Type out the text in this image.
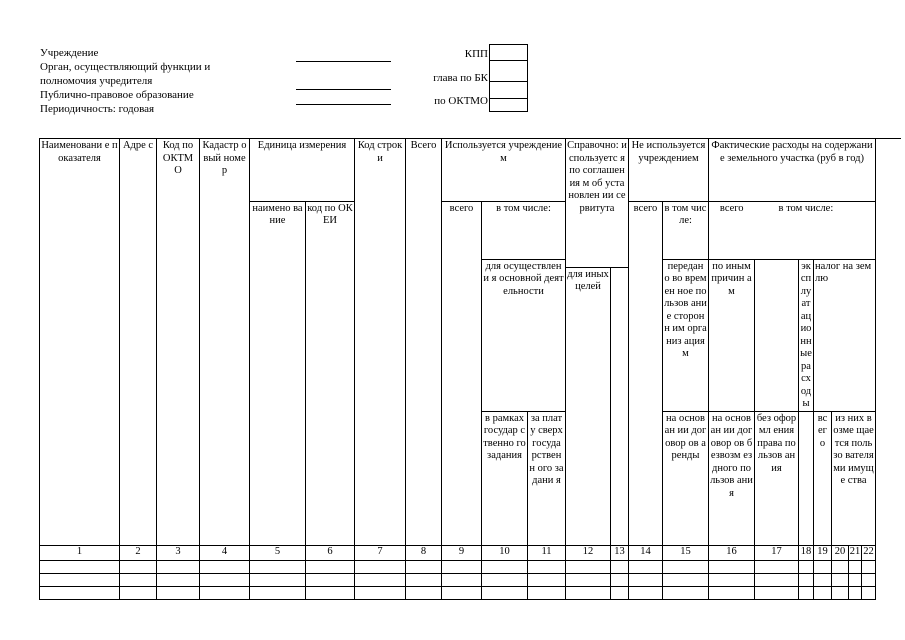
Учреждение
Орган, осуществляющий функции и
полномочия учредителя
Публично-правовое образование
Периодичность: годовая
КПП
глава по БК
по ОКТМО
Наименовани е показателя	Адре с	Код по ОКТМ О	Кадастр овый номер	Единица измерения		Код строки	Всего	Используется учреждением			Справочно: используетс я по соглашения м об установлен ии сервитута		Не используется учреждением		Фактические расходы на содержание земельного участка (руб в год)						
				наимено вание	код по ОКЕИ			всего	в том числе:				всего	в том числе:	всего	в том числе:					
									для осуществлени я основной деятельности					передан о во времен ное пользов ание сторонн им организ ациям	по иным причин ам		эксп луат ацио нные расх оды	налог на землю			
											для иных целей										
									в рамках государ ственно го задания	за плату сверх госуда рственн ого задани я				на основан ии договор ов аренды	на основан ии договор ов безвозм ездного пользов ания	без оформл ения права пользов ания		вс ег о	из них возме щается пользо вателя ми имуще ства		
1	2	3	4	5	6	7	8	9	10	11	12	13	14	15	16	17	18	19	20	21	22
